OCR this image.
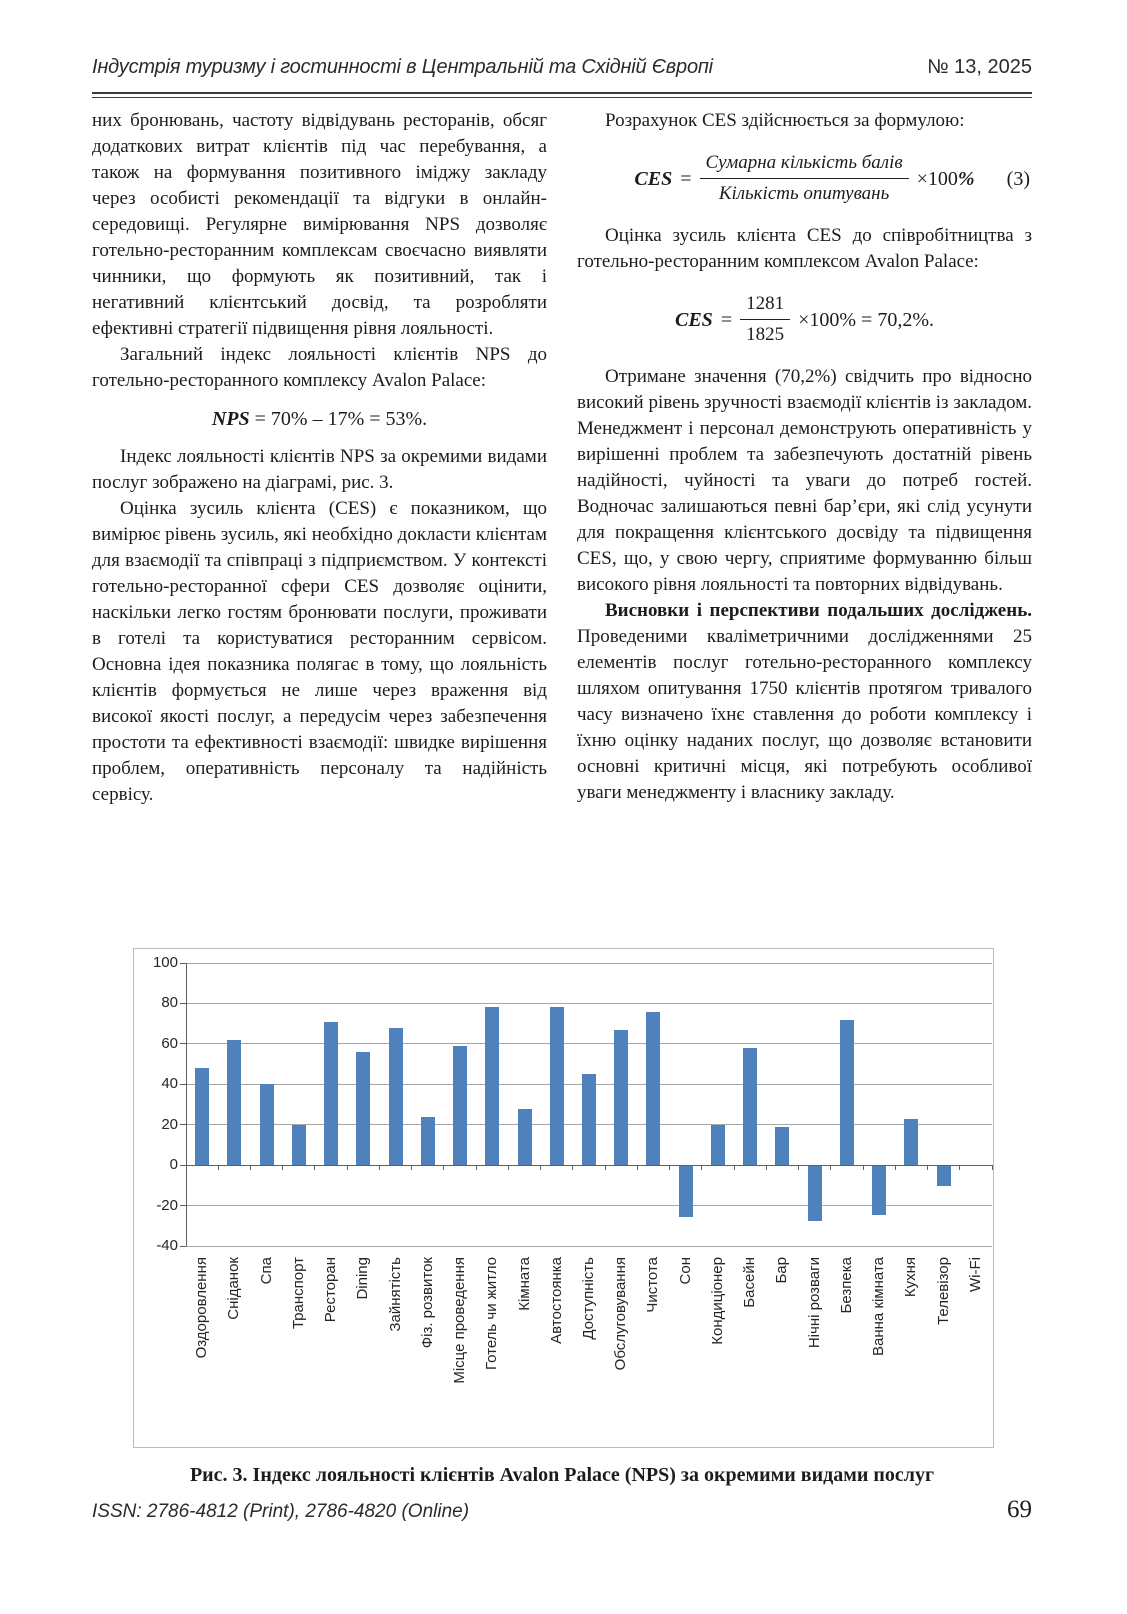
Індустрія туризму і гостинності в Центральній та Східній Європі	№ 13, 2025

них бронювань, частоту відвідувань ресторанів, обсяг додаткових витрат клієнтів під час перебування, а також на формування позитивного іміджу закладу через особисті рекомендації та відгуки в онлайн-середовищі. Регулярне вимірювання NPS дозволяє готельно-ресторанним комплексам своєчасно виявляти чинники, що формують як позитивний, так і негативний клієнтський досвід, та розробляти ефективні стратегії підвищення рівня лояльності.

Загальний індекс лояльності клієнтів NPS до готельно-ресторанного комплексу Avalon Palace:

NPS = 70% – 17% = 53%.

Індекс лояльності клієнтів NPS за окремими видами послуг зображено на діаграмі, рис. 3.

Оцінка зусиль клієнта (CES) є показником, що вимірює рівень зусиль, які необхідно докласти клієнтам для взаємодії та співпраці з підприємством. У контексті готельно-ресторанної сфери CES дозволяє оцінити, наскільки легко гостям бронювати послуги, проживати в готелі та користуватися ресторанним сервісом. Основна ідея показника полягає в тому, що лояльність клієнтів формується не лише через враження від високої якості послуг, а передусім через забезпечення простоти та ефективності взаємодії: швидке вирішення проблем, оперативність персоналу та надійність сервісу.

Розрахунок CES здійснюється за формулою:

CES = $\frac{\text{Сумарна кількість балів}}{\text{Кількість опитувань}} \times 100\%$ (3)

Оцінка зусиль клієнта CES до співробітництва з готельно-ресторанним комплексом Avalon Palace:

CES = $\frac{1281}{1825} \times 100\% = 70,2\%$.

Отримане значення (70,2%) свідчить про відносно високий рівень зручності взаємодії клієнтів із закладом. Менеджмент і персонал демонструють оперативність у вирішенні проблем та забезпечують достатній рівень надійності, чуйності та уваги до потреб гостей. Водночас залишаються певні бар’єри, які слід усунути для покращення клієнтського досвіду та підвищення CES, що, у свою чергу, сприятиме формуванню більш високого рівня лояльності та повторних відвідувань.

Висновки і перспективи подальших досліджень. Проведеними кваліметричними дослідженнями 25 елементів послуг готельно-ресторанного комплексу шляхом опитування 1750 клієнтів протягом тривалого часу визначено їхнє ставлення до роботи комплексу і їхню оцінку наданих послуг, що дозволяє встановити основні критичні місця, які потребують особливої уваги менеджменту і власнику закладу.

100
80
60
40
20
0
-20
-40
Оздоровлення Сніданок Спа Транспорт Ресторан Dining Зайнятість Фіз. розвиток Місце проведення Готель чи житло Кімната Автостоянка Доступність Обслуговування Чистота Сон Кондиціонер Басейн Бар Нічні розваги Безпека Ванна кімната Кухня Телевізор Wi-Fi
Рис. 3. Індекс лояльності клієнтів Avalon Palace (NPS) за окремими видами послуг
ISSN: 2786-4812 (Print), 2786-4820 (Online)	69
